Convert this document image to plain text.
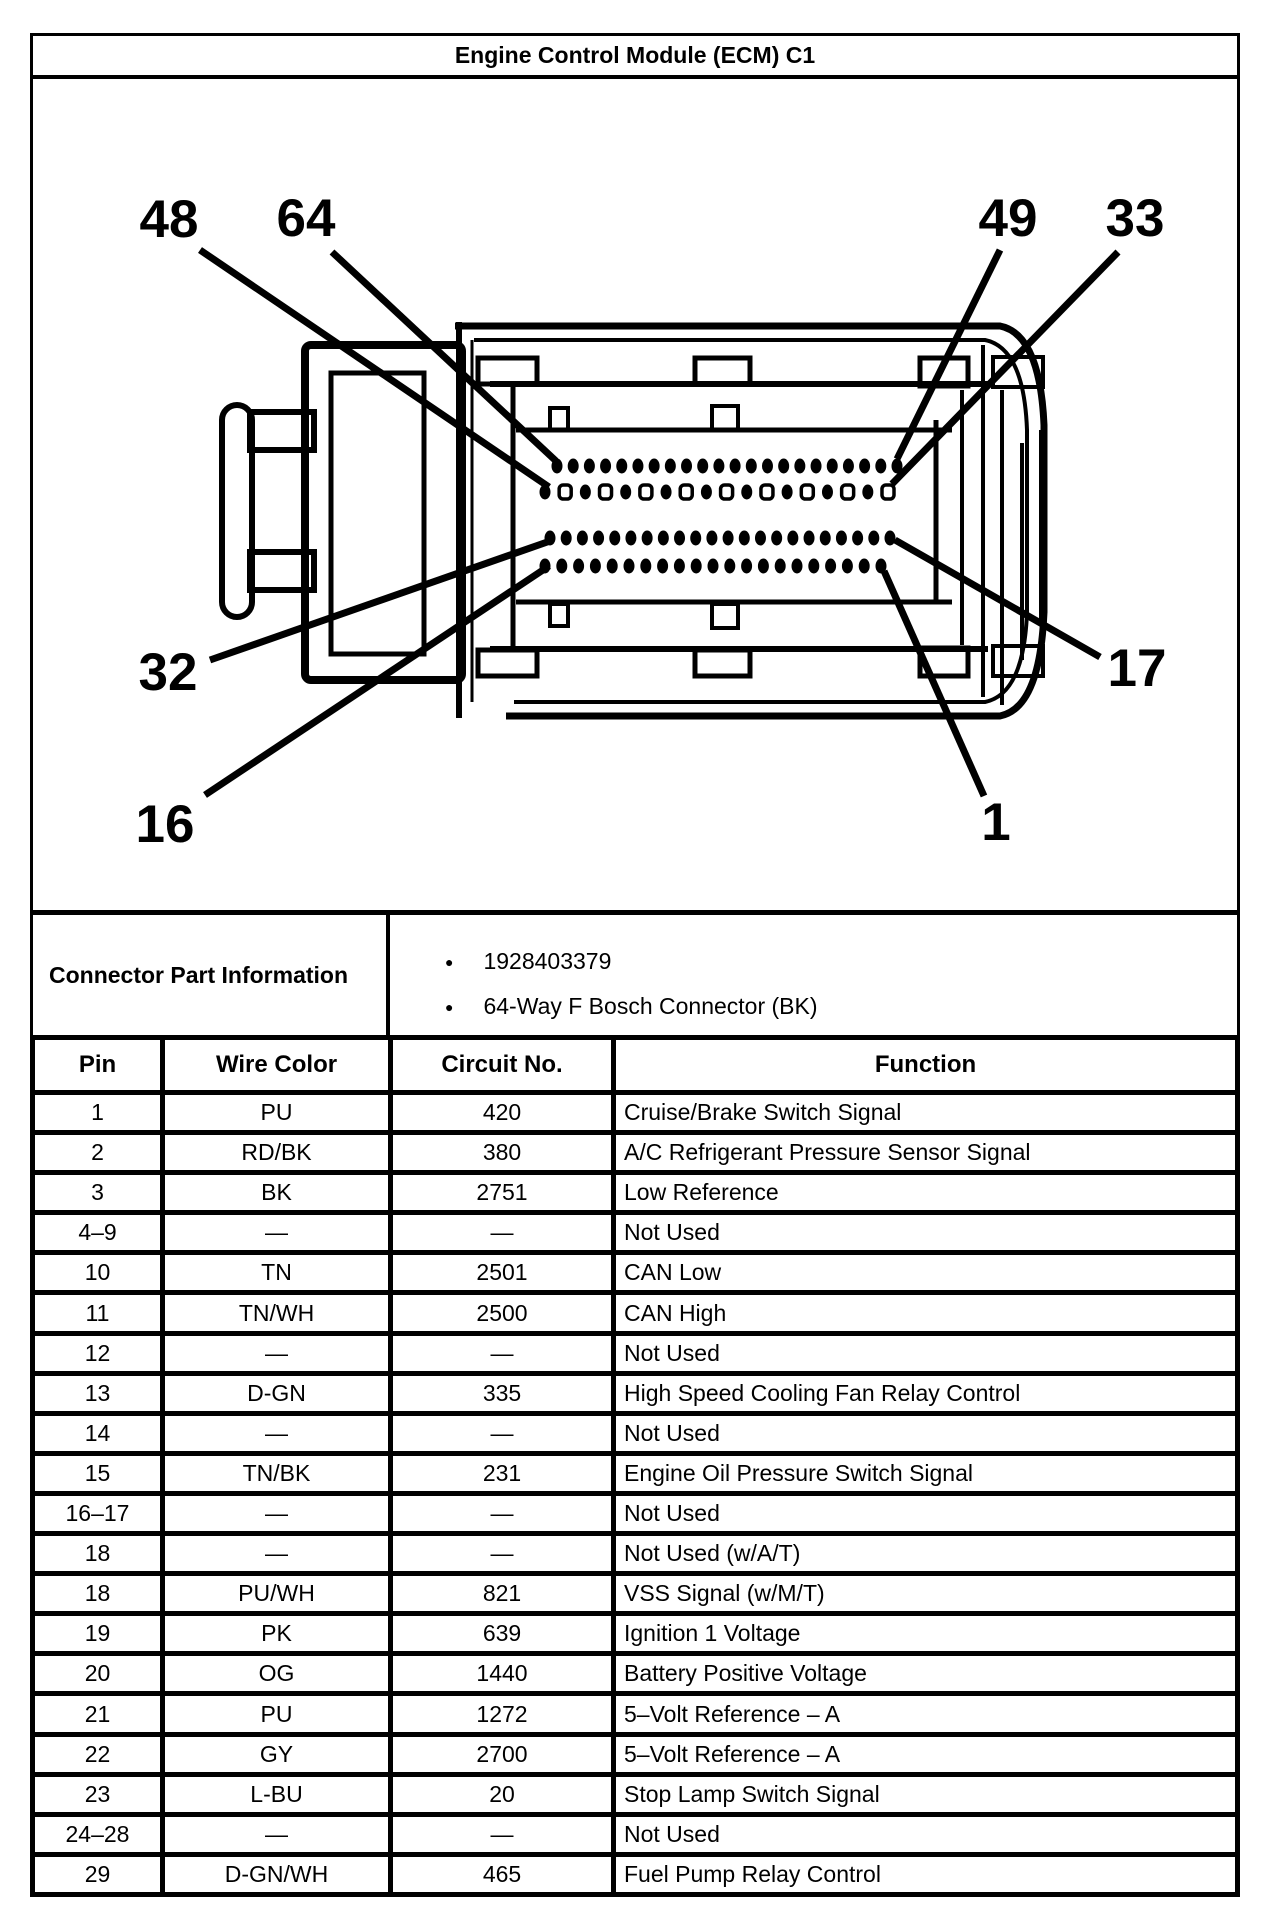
Engine Control Module (ECM) C1
48 64	49 33
32	17
16	1
Connector Part Information	● 1928403379
● 64-Way F Bosch Connector (BK)
Pin	Wire Color	Circuit No.	Function
1	PU	420	Cruise/Brake Switch Signal
2	RD/BK	380	A/C Refrigerant Pressure Sensor Signal
3	BK	2751	Low Reference
4–9	—	—	Not Used
10	TN	2501	CAN Low
11	TN/WH	2500	CAN High
12	—	—	Not Used
13	D-GN	335	High Speed Cooling Fan Relay Control
14	—	—	Not Used
15	TN/BK	231	Engine Oil Pressure Switch Signal
16–17	—	—	Not Used
18	—	—	Not Used (w/A/T)
18	PU/WH	821	VSS Signal (w/M/T)
19	PK	639	Ignition 1 Voltage
20	OG	1440	Battery Positive Voltage
21	PU	1272	5–Volt Reference – A
22	GY	2700	5–Volt Reference – A
23	L-BU	20	Stop Lamp Switch Signal
24–28	—	—	Not Used
29	D-GN/WH	465	Fuel Pump Relay Control
